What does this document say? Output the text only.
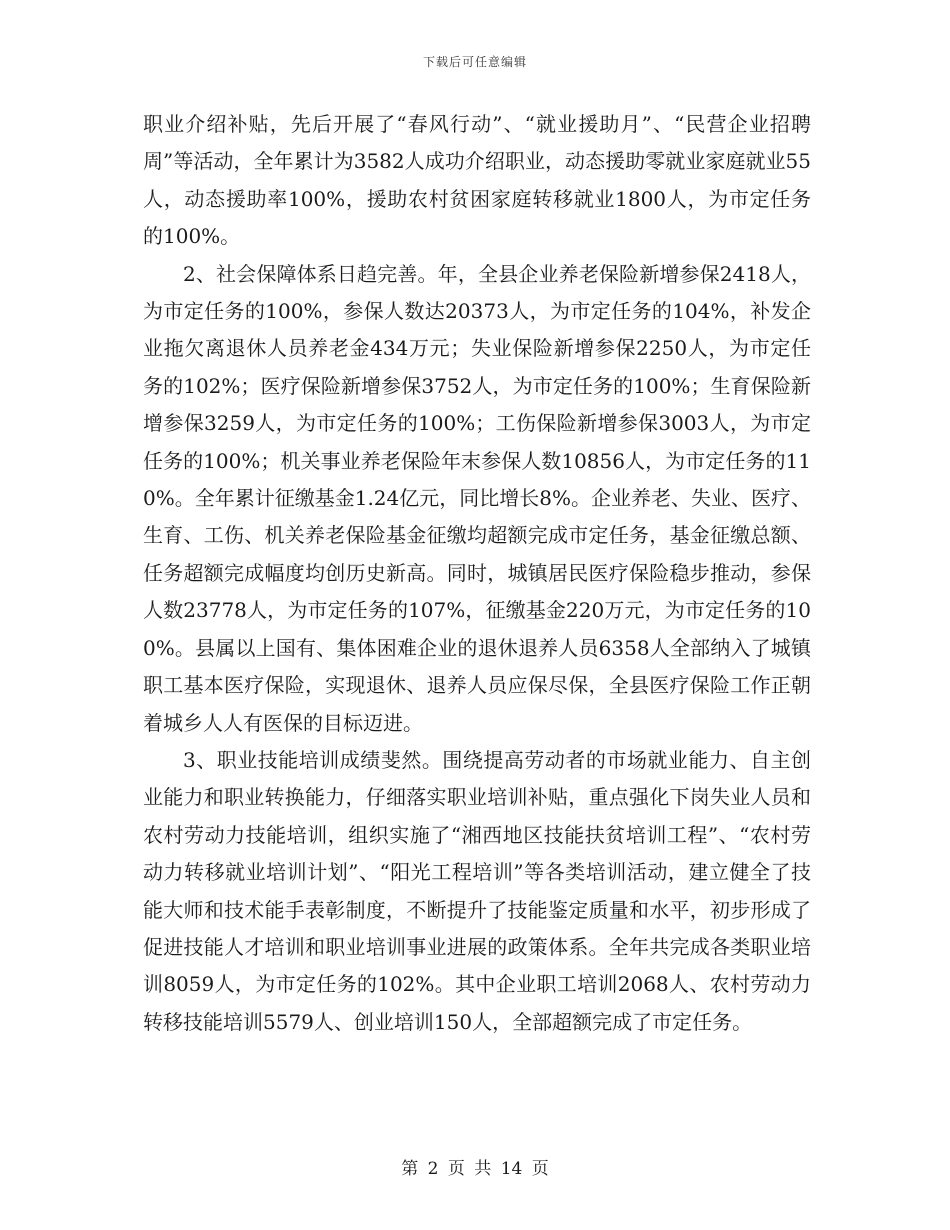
下载后可任意编辑

职业介绍补贴，先后开展了“春风行动”、“就业援助月”、“民营企业招聘周”等活动，全年累计为3582人成功介绍职业，动态援助零就业家庭就业55人，动态援助率100%，援助农村贫困家庭转移就业1800人，为市定任务的100%。

2、社会保障体系日趋完善。年，全县企业养老保险新增参保2418人，为市定任务的100%，参保人数达20373人，为市定任务的104%，补发企业拖欠离退休人员养老金434万元；失业保险新增参保2250人，为市定任务的102%；医疗保险新增参保3752人，为市定任务的100%；生育保险新增参保3259人，为市定任务的100%；工伤保险新增参保3003人，为市定任务的100%；机关事业养老保险年末参保人数10856人，为市定任务的110%。全年累计征缴基金1.24亿元，同比增长8%。企业养老、失业、医疗、生育、工伤、机关养老保险基金征缴均超额完成市定任务，基金征缴总额、任务超额完成幅度均创历史新高。同时，城镇居民医疗保险稳步推动，参保人数23778人，为市定任务的107%，征缴基金220万元，为市定任务的100%。县属以上国有、集体困难企业的退休退养人员6358人全部纳入了城镇职工基本医疗保险，实现退休、退养人员应保尽保，全县医疗保险工作正朝着城乡人人有医保的目标迈进。

3、职业技能培训成绩斐然。围绕提高劳动者的市场就业能力、自主创业能力和职业转换能力，仔细落实职业培训补贴，重点强化下岗失业人员和农村劳动力技能培训，组织实施了“湘西地区技能扶贫培训工程”、“农村劳动力转移就业培训计划”、“阳光工程培训”等各类培训活动，建立健全了技能大师和技术能手表彰制度，不断提升了技能鉴定质量和水平，初步形成了促进技能人才培训和职业培训事业进展的政策体系。全年共完成各类职业培训8059人，为市定任务的102%。其中企业职工培训2068人、农村劳动力转移技能培训5579人、创业培训150人，全部超额完成了市定任务。

第 2 页 共 14 页
